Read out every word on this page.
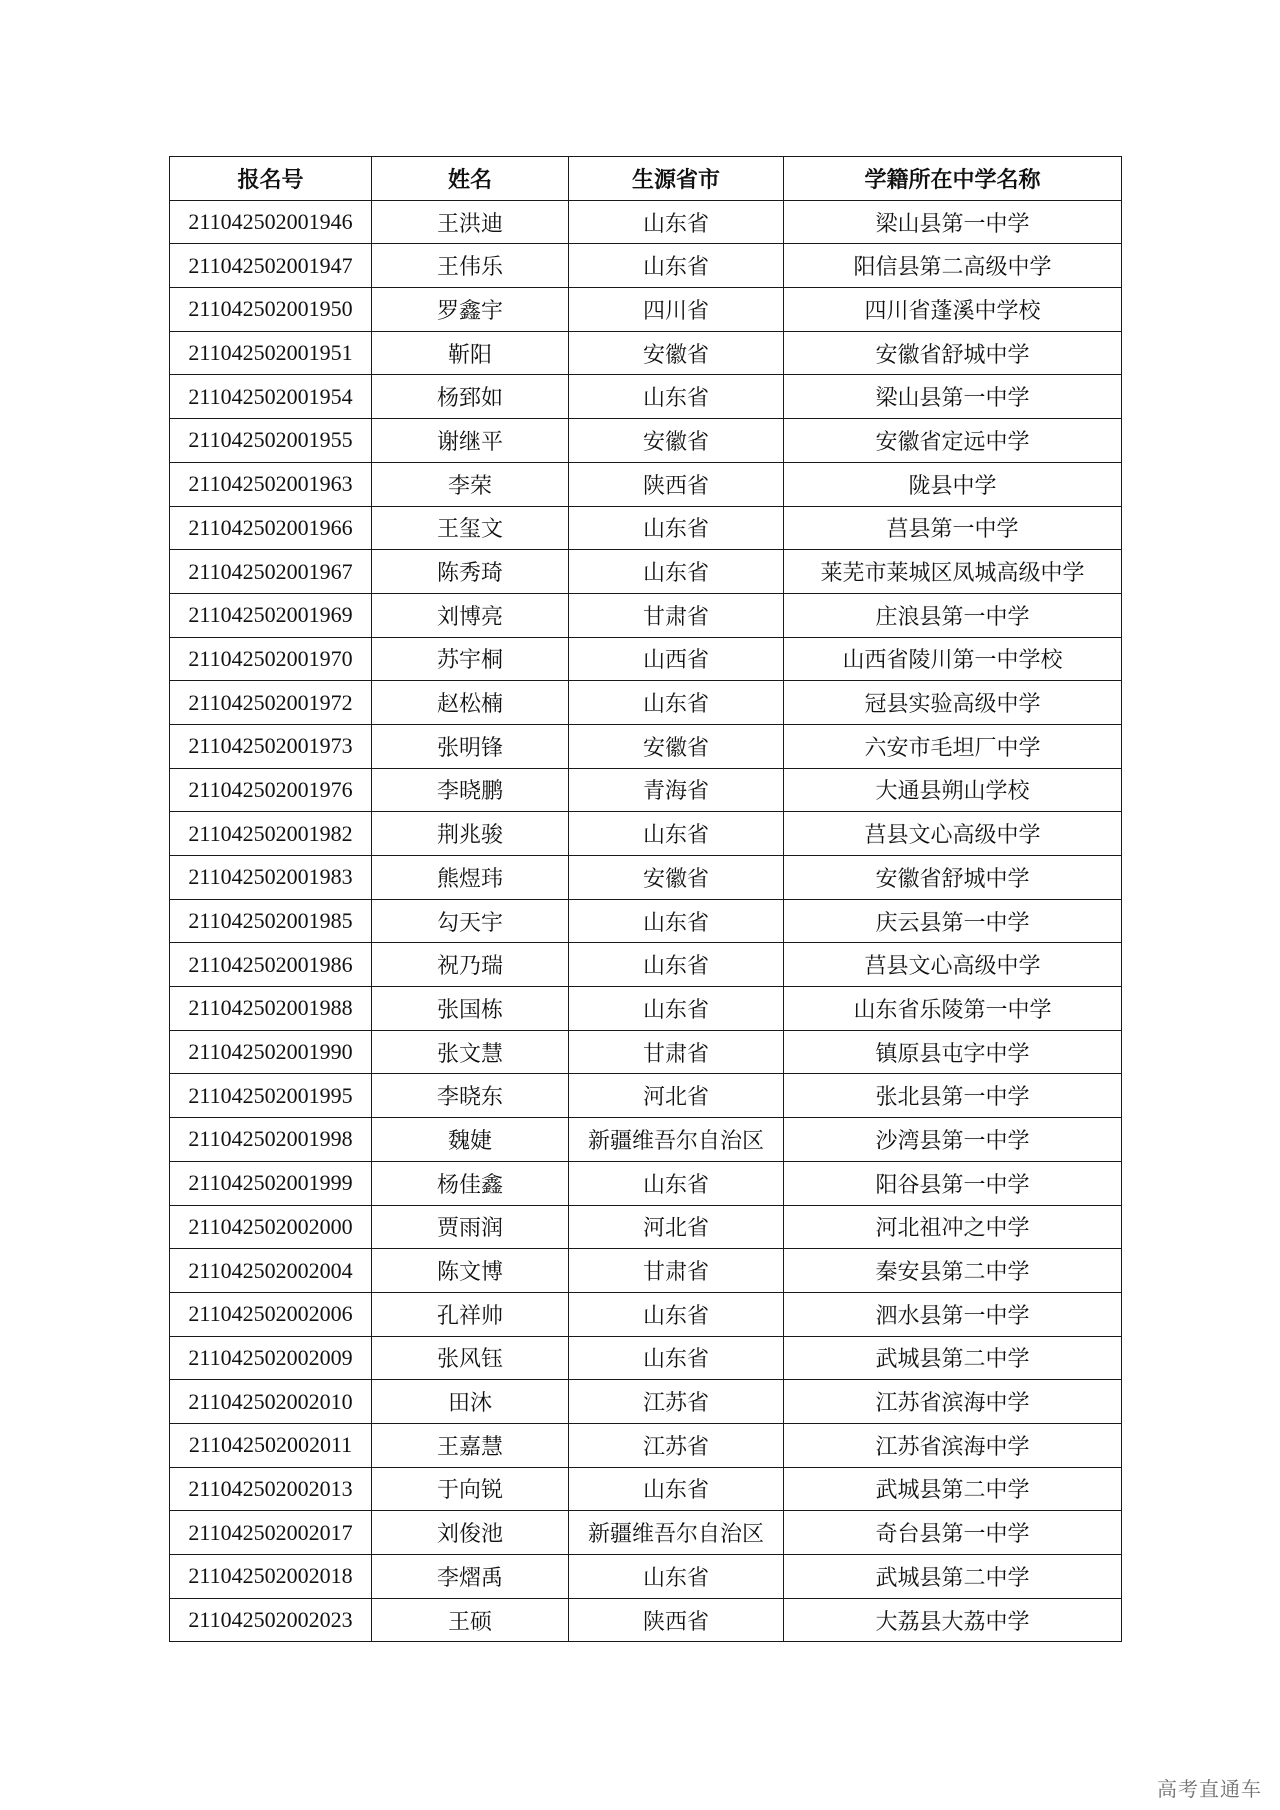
报名号	姓名	生源省市	学籍所在中学名称
211042502001946	王洪迪	山东省	梁山县第一中学
211042502001947	王伟乐	山东省	阳信县第二高级中学
211042502001950	罗鑫宇	四川省	四川省蓬溪中学校
211042502001951	靳阳	安徽省	安徽省舒城中学
211042502001954	杨郅如	山东省	梁山县第一中学
211042502001955	谢继平	安徽省	安徽省定远中学
211042502001963	李荣	陕西省	陇县中学
211042502001966	王玺文	山东省	莒县第一中学
211042502001967	陈秀琦	山东省	莱芜市莱城区凤城高级中学
211042502001969	刘博亮	甘肃省	庄浪县第一中学
211042502001970	苏宇桐	山西省	山西省陵川第一中学校
211042502001972	赵松楠	山东省	冠县实验高级中学
211042502001973	张明锋	安徽省	六安市毛坦厂中学
211042502001976	李晓鹏	青海省	大通县朔山学校
211042502001982	荆兆骏	山东省	莒县文心高级中学
211042502001983	熊煜玮	安徽省	安徽省舒城中学
211042502001985	勾天宇	山东省	庆云县第一中学
211042502001986	祝乃瑞	山东省	莒县文心高级中学
211042502001988	张国栋	山东省	山东省乐陵第一中学
211042502001990	张文慧	甘肃省	镇原县屯字中学
211042502001995	李晓东	河北省	张北县第一中学
211042502001998	魏婕	新疆维吾尔自治区	沙湾县第一中学
211042502001999	杨佳鑫	山东省	阳谷县第一中学
211042502002000	贾雨润	河北省	河北祖冲之中学
211042502002004	陈文博	甘肃省	秦安县第二中学
211042502002006	孔祥帅	山东省	泗水县第一中学
211042502002009	张风钰	山东省	武城县第二中学
211042502002010	田沐	江苏省	江苏省滨海中学
211042502002011	王嘉慧	江苏省	江苏省滨海中学
211042502002013	于向锐	山东省	武城县第二中学
211042502002017	刘俊池	新疆维吾尔自治区	奇台县第一中学
211042502002018	李熠禹	山东省	武城县第二中学
211042502002023	王硕	陕西省	大荔县大荔中学
高考直通车
